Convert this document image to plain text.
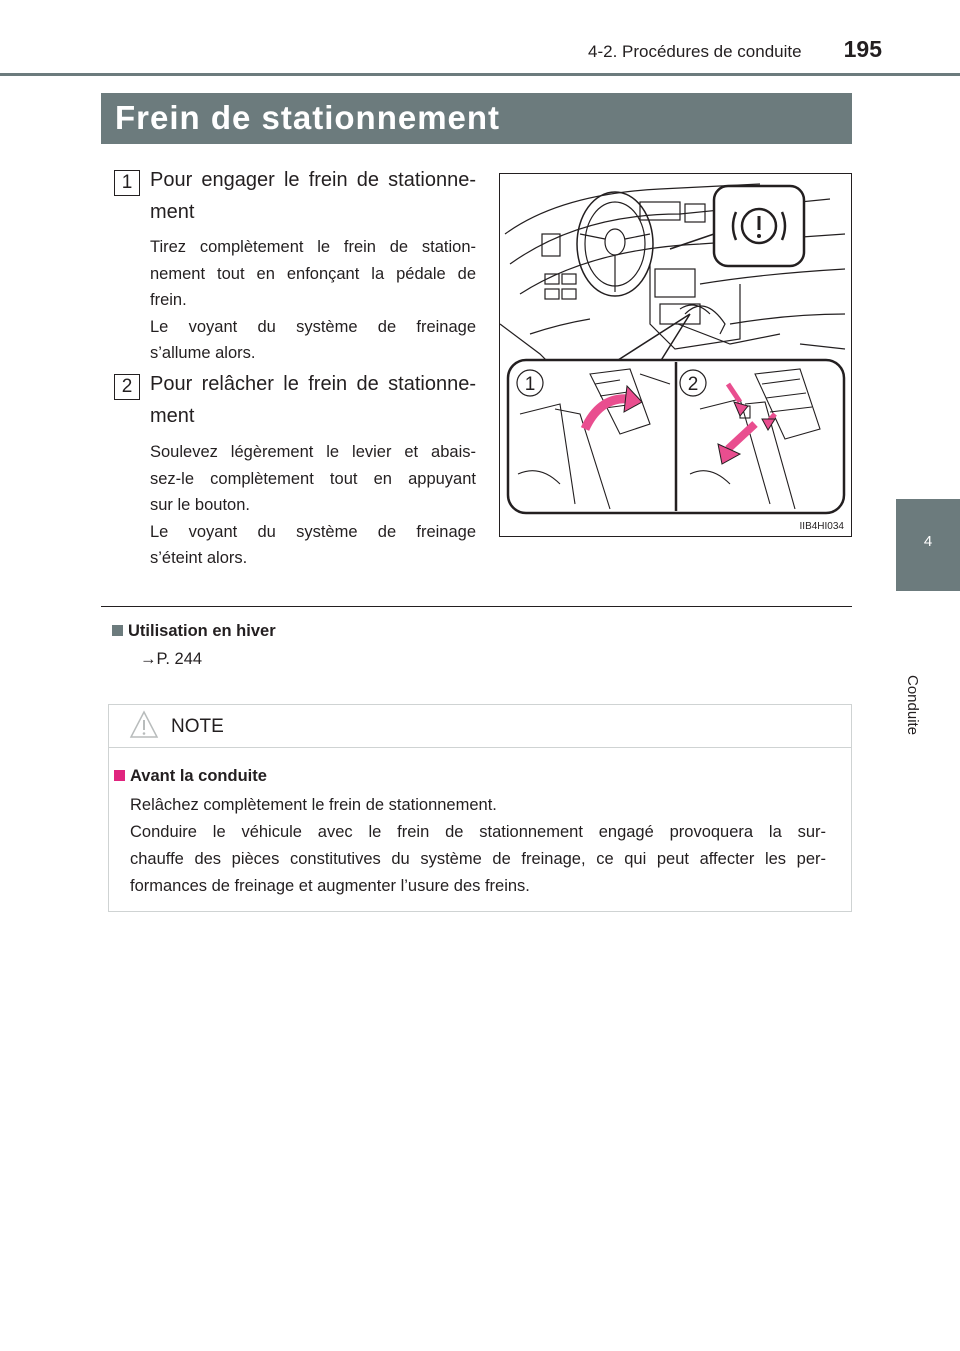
4-2. Procédures de conduite 195
Frein de stationnement
4
Conduite
1 Pour engager le frein de stationne-
ment
Tirez complètement le frein de station-
nement tout en enfonçant la pédale de
frein.
Le voyant du système de freinage
s’allume alors.
2 Pour relâcher le frein de stationne-
ment
Soulevez légèrement le levier et abais-
sez-le complètement tout en appuyant
sur le bouton.
Le voyant du système de freinage
s’éteint alors.
1	2
IIB4HI034
Utilisation en hiver
→P. 244
NOTE
Avant la conduite
Relâchez complètement le frein de stationnement.
Conduire le véhicule avec le frein de stationnement engagé provoquera la sur-
chauffe des pièces constitutives du système de freinage, ce qui peut affecter les per-
formances de freinage et augmenter l’usure des freins.
